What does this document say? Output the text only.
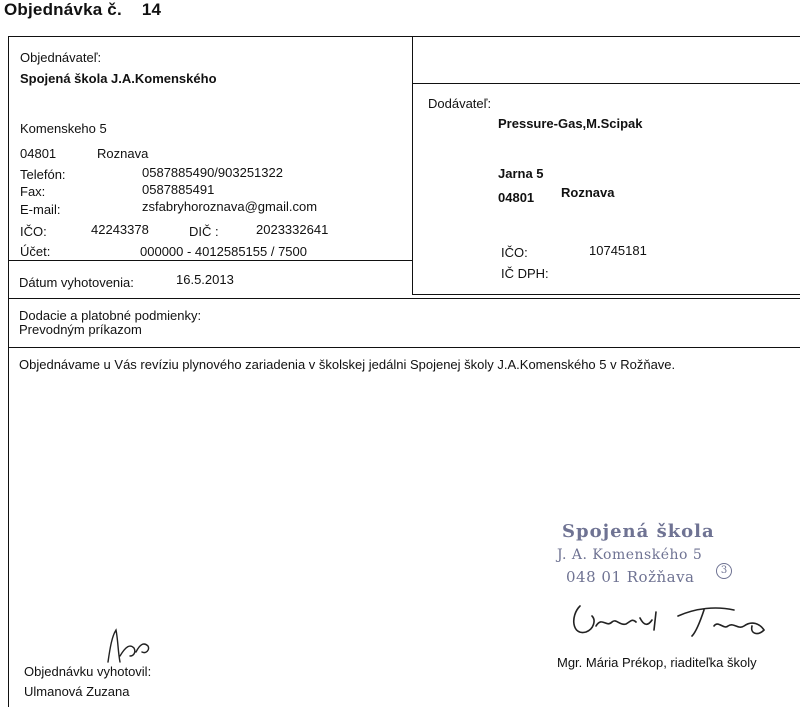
Objednávka č. 14
Objednávateľ:
Spojená škola J.A.Komenského
Komenskeho 5
04801	Roznava
Telefón:	0587885490/903251322
Fax:	0587885491
E-mail:	zsfabryhoroznava@gmail.com
IČO:	42243378	DIČ :	2023332641
Účet:	000000 - 4012585155 / 7500
Dátum vyhotovenia:	16.5.2013
Dodávateľ:
Pressure-Gas,M.Scipak
Jarna 5
04801 Roznava
IČO:	10745181
IČ DPH:
Dodacie a platobné podmienky:
Prevodným príkazom
Objednávame u Vás revíziu plynového zariadenia v školskej jedálni Spojenej školy J.A.Komenského 5 v Rožňave.
Spojená škola
J. A. Komenského 5
048 01 Rožňava	3
Mgr. Mária Prékop, riaditeľka školy
Objednávku vyhotovil:
Ulmanová Zuzana
